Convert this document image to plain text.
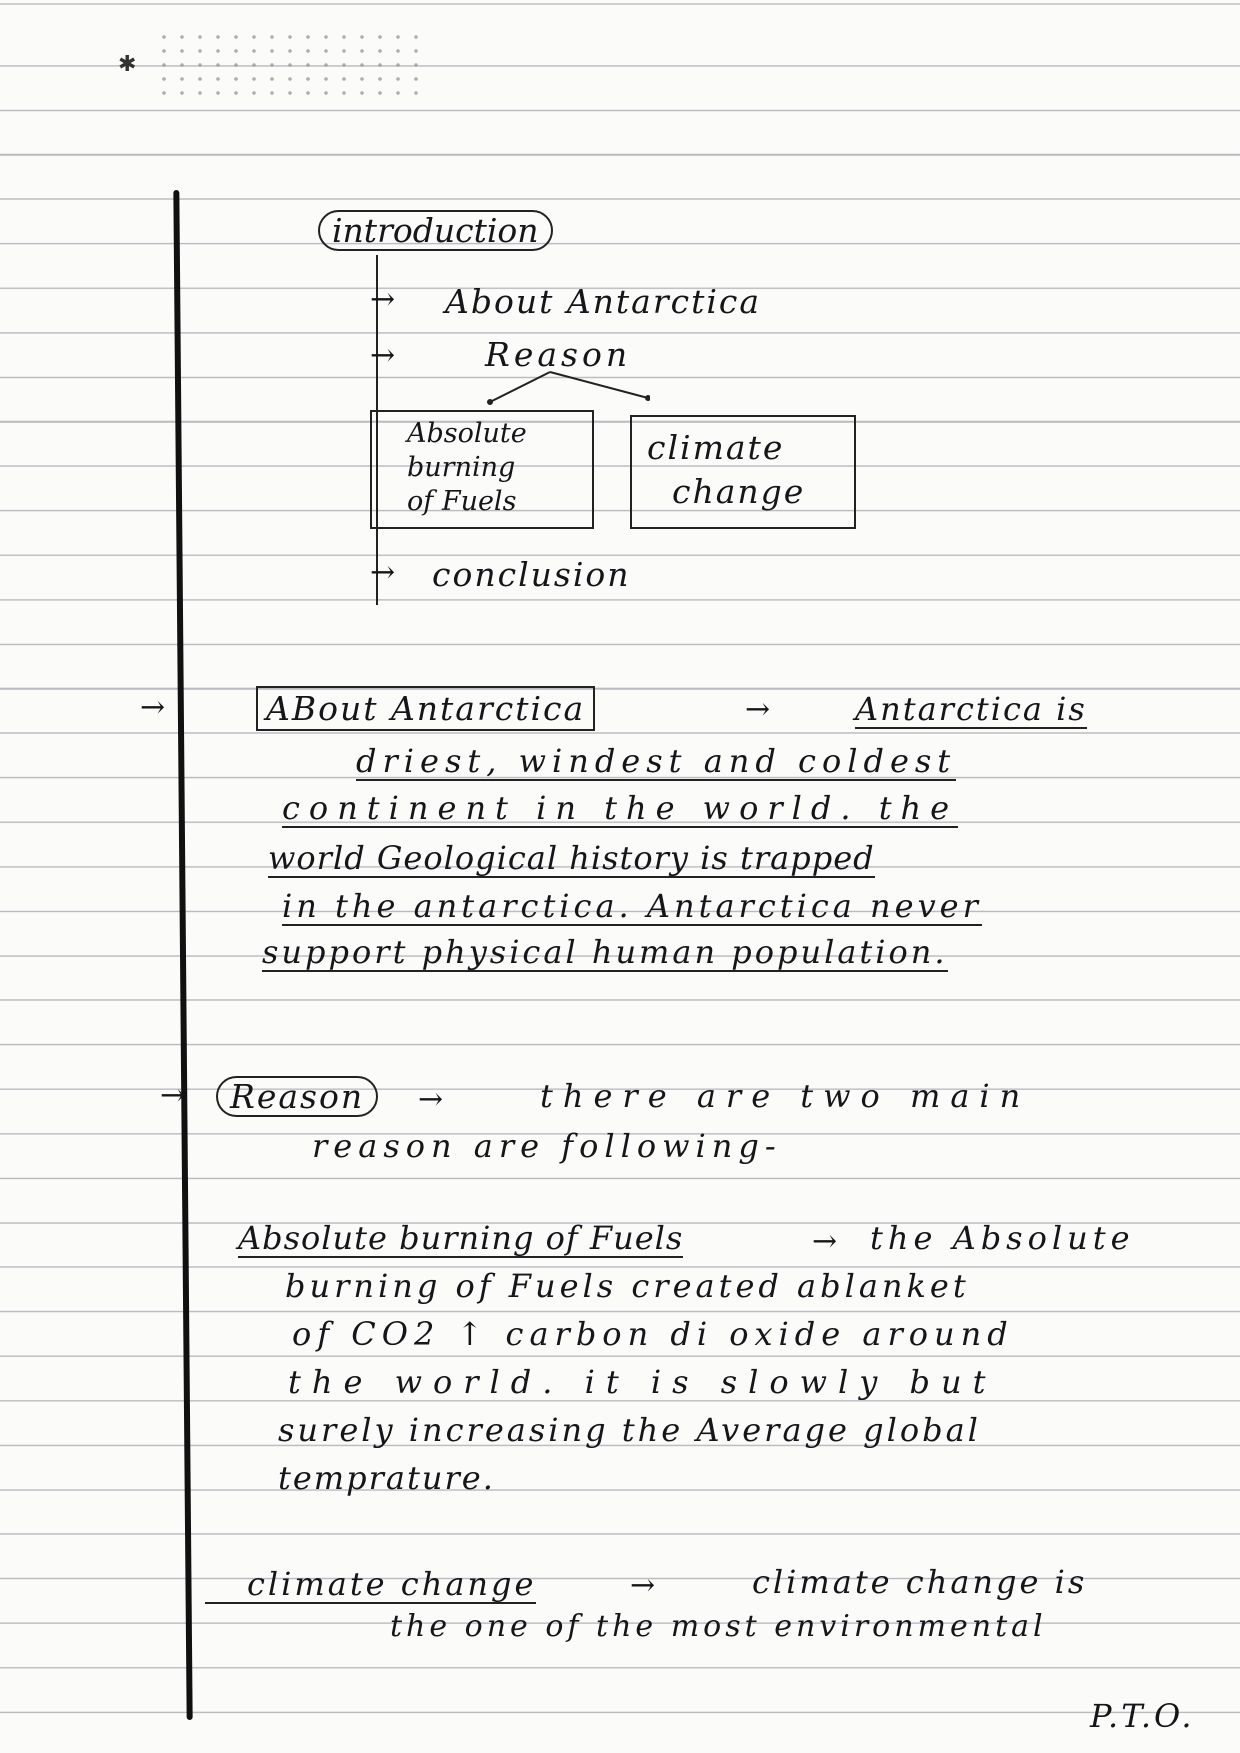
✱
introduction
→ About Antarctica
→	Reason
Absolute
burning
of Fuels
climate
change
→ conclusion
→	ABout Antarctica	→	Antarctica is
driest, windest and coldest
continent in the world. the
world Geological history is trapped
in the antarctica. Antarctica never
support physical human population.
→	Reason	→	there are two main
reason are following-
Absolute burning of Fuels	→ the Absolute
burning of Fuels created ablanket
of CO2 ↑ carbon di oxide around
the world. it is slowly but
surely increasing the Average global
temprature.
climate change	→	climate change is
the one of the most environmental
P.T.O.
